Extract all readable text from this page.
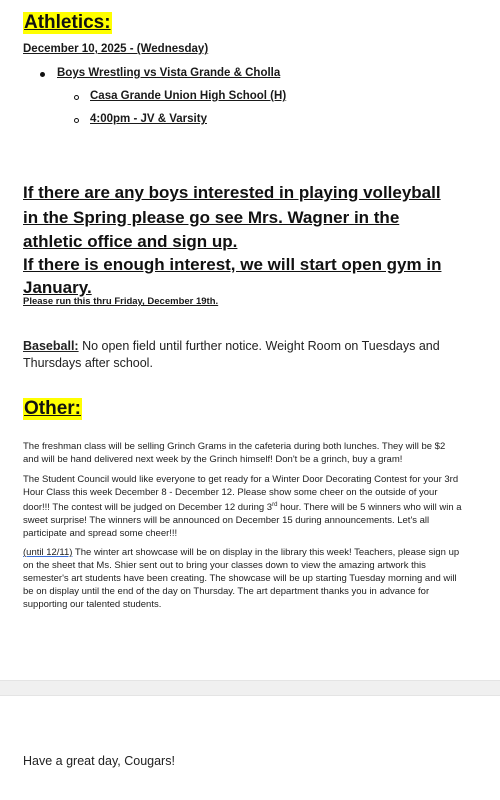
Athletics:
December 10, 2025 - (Wednesday)
Boys Wrestling vs Vista Grande & Cholla
Casa Grande Union High School (H)
4:00pm - JV & Varsity
If there are any boys interested in playing volleyball
in the Spring please go see Mrs. Wagner in the
athletic office and sign up.
If there is enough interest, we will start open gym in
January.
Please run this thru Friday, December 19th.
Baseball: No open field until further notice. Weight Room on Tuesdays and
Thursdays after school.
Other:
The freshman class will be selling Grinch Grams in the cafeteria during both lunches. They will be $2 and will be hand delivered next week by the Grinch himself! Don't be a grinch, buy a gram!
The Student Council would like everyone to get ready for a Winter Door Decorating Contest for your 3rd Hour Class this week December 8 - December 12. Please show some cheer on the outside of your door!!! The contest will be judged on December 12 during 3rd hour. There will be 5 winners who will win a sweet surprise! The winners will be announced on December 15 during announcements. Let's all participate and spread some cheer!!!
(until 12/11) The winter art showcase will be on display in the library this week! Teachers, please sign up on the sheet that Ms. Shier sent out to bring your classes down to view the amazing artwork this semester's art students have been creating. The showcase will be up starting Tuesday morning and will be on display until the end of the day on Thursday. The art department thanks you in advance for supporting our talented students.
Have a great day, Cougars!
